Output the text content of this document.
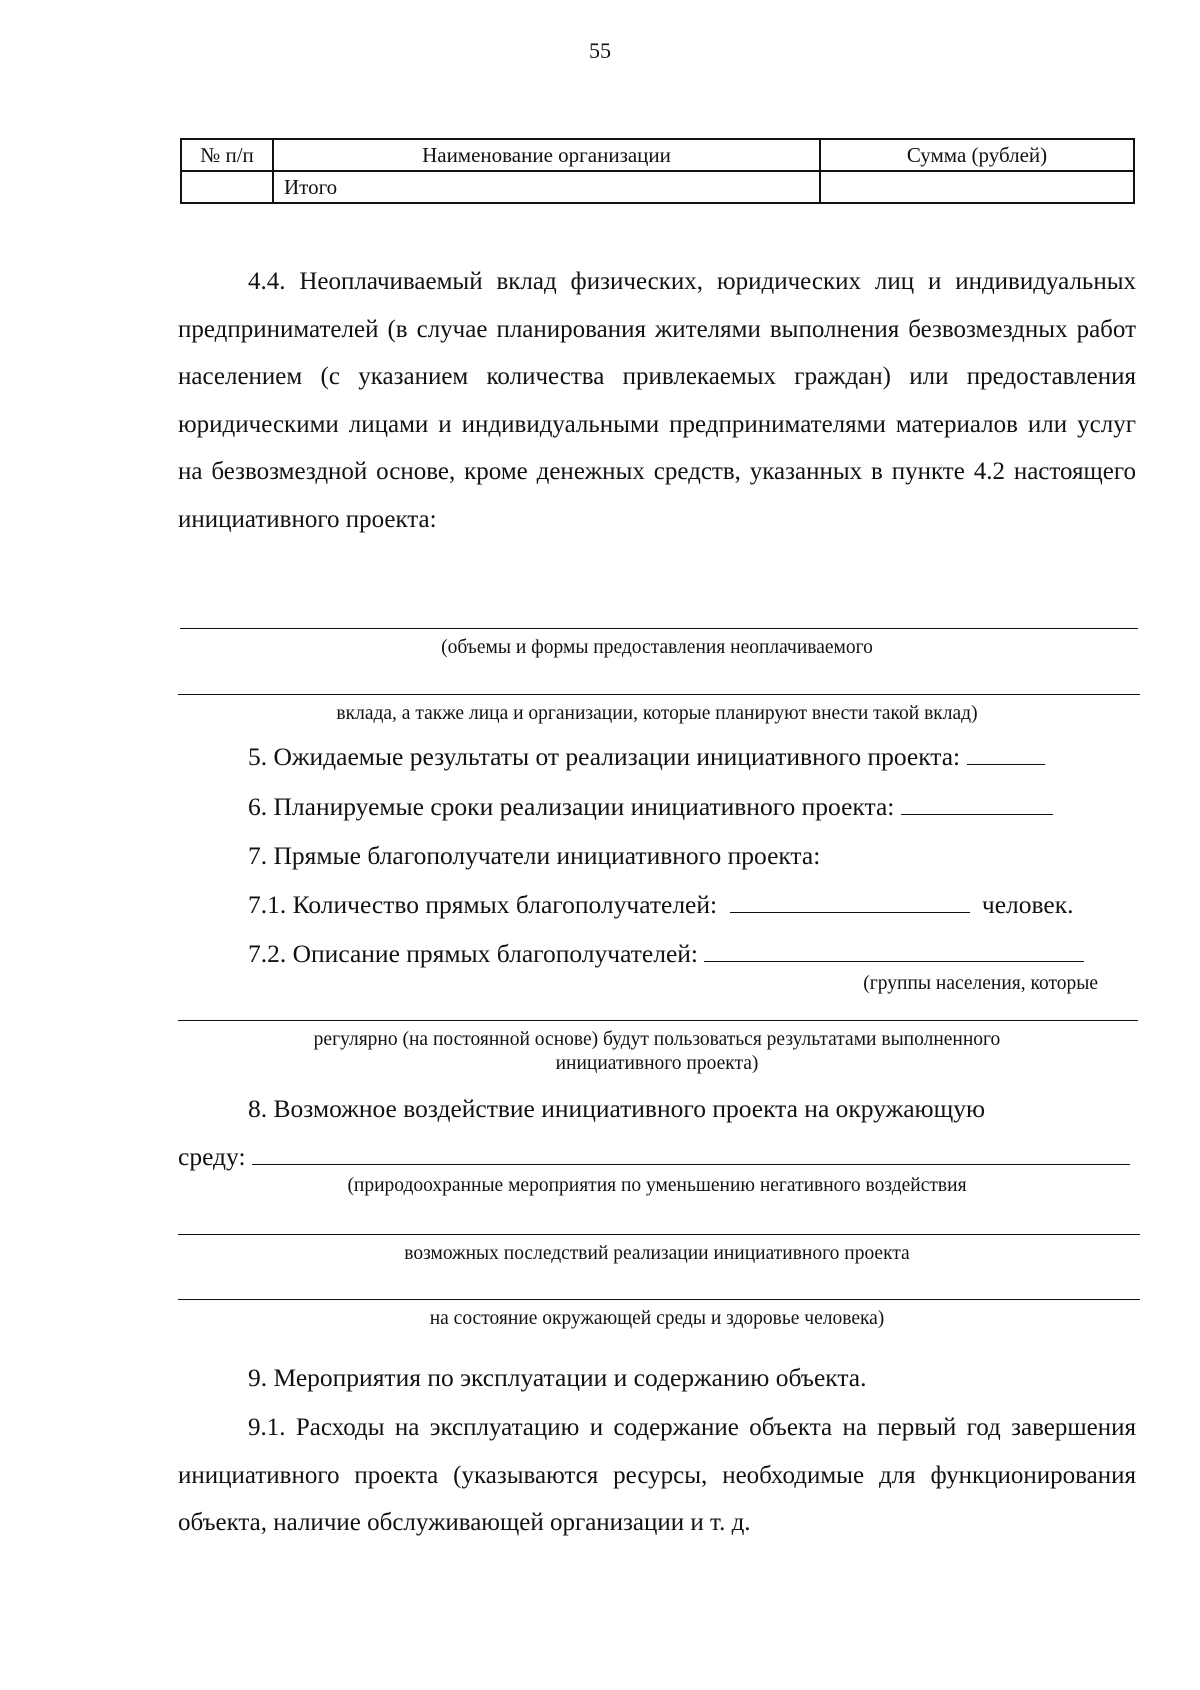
55
№ п/п	Наименование организации	Сумма (рублей)
	Итого	
4.4. Неоплачиваемый вклад физических, юридических лиц и индивидуальных предпринимателей (в случае планирования жителями выполнения безвозмездных работ населением (с указанием количества привлекаемых граждан) или предоставления юридическими лицами и индивидуальными предпринимателями материалов или услуг на безвозмездной основе, кроме денежных средств, указанных в пункте 4.2 настоящего инициативного проекта:
(объемы и формы предоставления неоплачиваемого
вклада, а также лица и организации, которые планируют внести такой вклад)
5. Ожидаемые результаты от реализации инициативного проекта:
6. Планируемые сроки реализации инициативного проекта:
7. Прямые благополучатели инициативного проекта:
7.1. Количество прямых благополучателей:	человек.
7.2. Описание прямых благополучателей:
(группы населения, которые
регулярно (на постоянной основе) будут пользоваться результатами выполненного
инициативного проекта)
8. Возможное воздействие инициативного проекта на окружающую
среду:
(природоохранные мероприятия по уменьшению негативного воздействия
возможных последствий реализации инициативного проекта
на состояние окружающей среды и здоровье человека)
9. Мероприятия по эксплуатации и содержанию объекта.
9.1. Расходы на эксплуатацию и содержание объекта на первый год завершения инициативного проекта (указываются ресурсы, необходимые для функционирования объекта, наличие обслуживающей организации и т. д.
